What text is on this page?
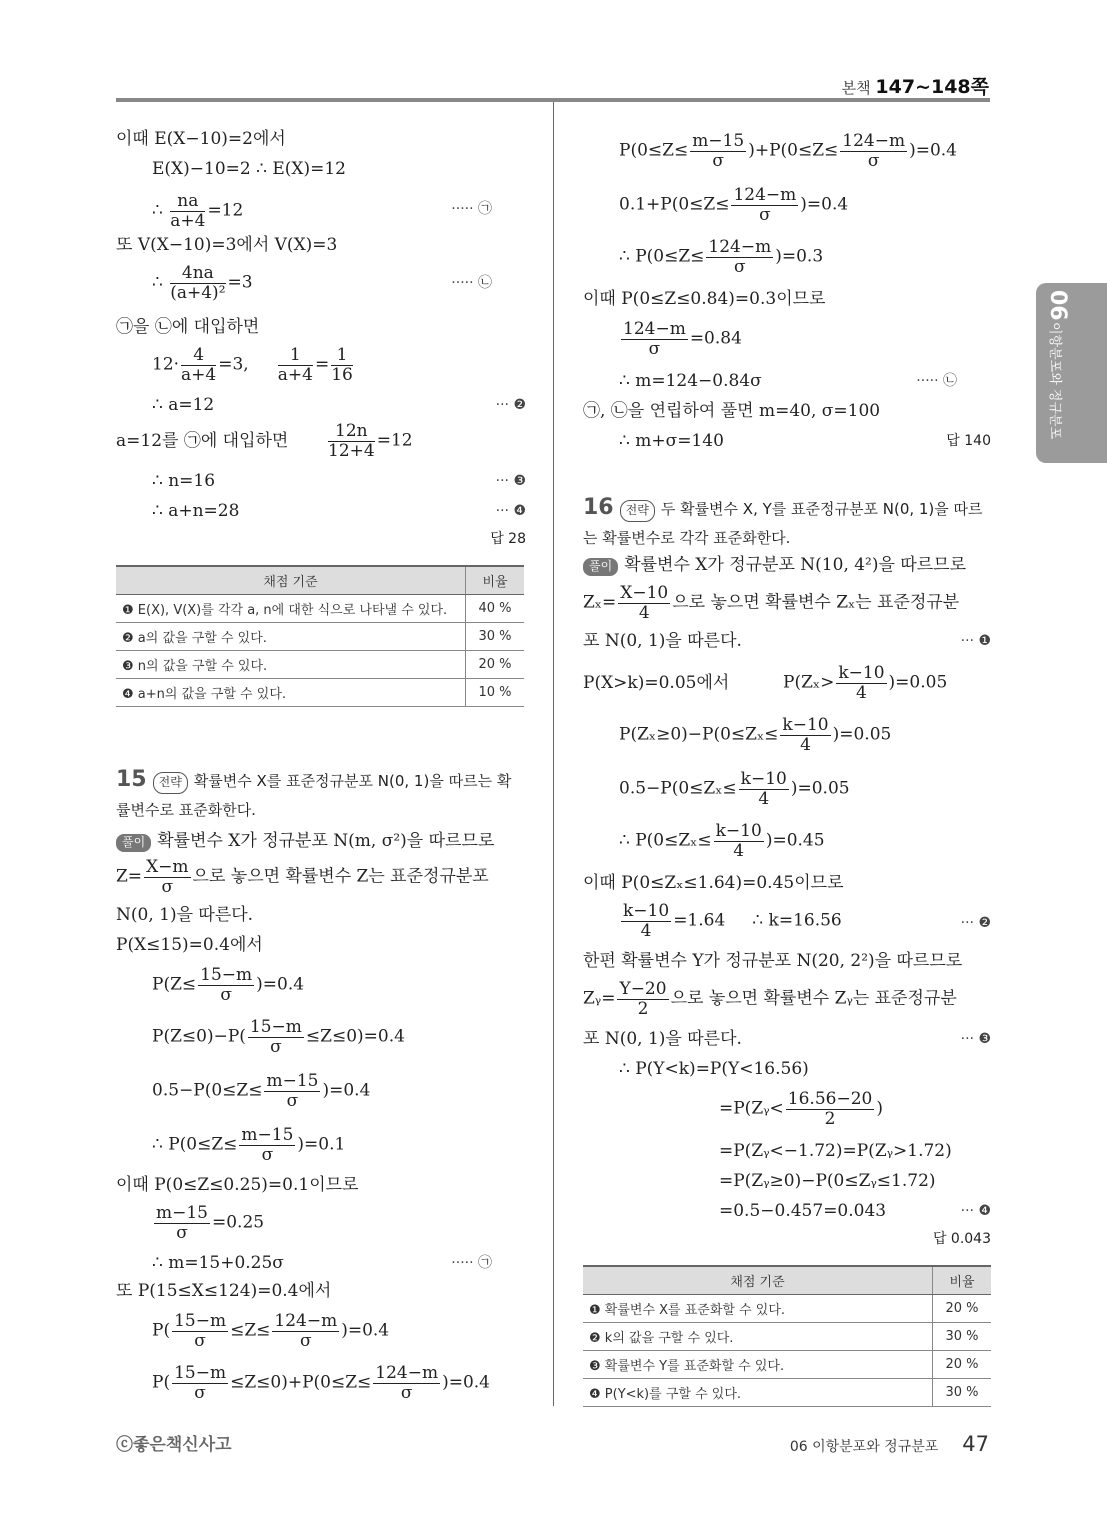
본책 147~148쪽
06
이항분포와 정규분포
이때 E(X−10)=2에서
E(X)−10=2 ∴ E(X)=12
∴ $\frac{na}{a+4} =12$	····· ㉠
또 V(X−10)=3에서 V(X)=3
∴ $\frac{4na}{\text{(a+4)²}} =3$	····· ㉡
㉠을 ㉡에 대입하면
$12\cdot \frac{4}{a+4} =3$, $\frac{1}{a+4} = \frac{1}{16}$
∴ a=12	··· ❷
a=12를 ㉠에 대입하면 $\frac{12n}{12+4} =12$
∴ n=16	··· ❸
∴ a+n=28	··· ❹
답 28
채점 기준	비율
❶ E(X), V(X)를 각각 a, n에 대한 식으로 나타낼 수 있다.	40 %
❷ a의 값을 구할 수 있다.	30 %
❸ n의 값을 구할 수 있다.	20 %
❹ a+n의 값을 구할 수 있다.	10 %
15 전략 확률변수 X를 표준정규분포 N(0, 1)을 따르는 확률변수로 표준화한다.
풀이 확률변수 X가 정규분포 N(m, σ²)을 따르므로
$Z= \frac{X-m}{\sigma}$ 으로 놓으면 확률변수 Z는 표준정규분포
N(0, 1)을 따른다.
P(X≤15)=0.4에서
$P(Z\le \frac{15-m}{\sigma} )=0.4$
$P(Z\le 0)-P( \frac{15-m}{\sigma} \le Z\le 0)=0.4$
$0.5-P(0\le Z\le \frac{m-15}{\sigma} )=0.4$
∴ $P(0\le Z\le \frac{m-15}{\sigma} )=0.1$
이때 P(0≤Z≤0.25)=0.1이므로
$\frac{m-15}{\sigma} =0.25$
∴ m=15+0.25σ	····· ㉠
또 P(15≤X≤124)=0.4에서
$P( \frac{15-m}{\sigma} \le Z\le \frac{124-m}{\sigma} )=0.4$
$P( \frac{15-m}{\sigma} \le Z\le 0)+P(0\le Z\le \frac{124-m}{\sigma} )=0.4$
$P(0\le Z\le \frac{m-15}{\sigma} )+P(0\le Z\le \frac{124-m}{\sigma} )=0.4$
$0.1+P(0\le Z\le \frac{124-m}{\sigma} )=0.4$
∴ $P(0\le Z\le \frac{124-m}{\sigma} )=0.3$
이때 P(0≤Z≤0.84)=0.3이므로
$\frac{124-m}{\sigma} =0.84$
∴ m=124−0.84σ	····· ㉡
㉠, ㉡을 연립하여 풀면 m=40, σ=100
∴ m+σ=140	답 140
16 전략 두 확률변수 X, Y를 표준정규분포 N(0, 1)을 따르는 확률변수로 각각 표준화한다.
풀이 확률변수 X가 정규분포 N(10, 4²)을 따르므로
$Z_x= \frac{X-10}{4}$ 으로 놓으면 확률변수 Zₓ는 표준정규분
포 N(0, 1)을 따른다.	··· ❶
P(X>k)=0.05에서	$P(Z_x> \frac{k-10}{4} )=0.05$
$P(Z_x\ge 0)-P(0\le Z_x\le \frac{k-10}{4} )=0.05$
$0.5-P(0\le Z_x\le \frac{k-10}{4} )=0.05$
∴ $P(0\le Z_x\le \frac{k-10}{4} )=0.45$
이때 P(0≤Zₓ≤1.64)=0.45이므로
$\frac{k-10}{4} =1.64$     ∴ k=16.56	··· ❷
한편 확률변수 Y가 정규분포 N(20, 2²)을 따르므로
Zᵧ= $\frac{Y-20}{2}$ 으로 놓으면 확률변수 Zᵧ는 표준정규분
포 N(0, 1)을 따른다.	··· ❸
∴ P(Y<k)=P(Y<16.56)
=P(Zᵧ< $\frac{16.56-20}{2}$ )
=P(Zᵧ<−1.72)=P(Zᵧ>1.72)
=P(Zᵧ≥0)−P(0≤Zᵧ≤1.72)
=0.5−0.457=0.043	··· ❹
답 0.043
채점 기준	비율
❶ 확률변수 X를 표준화할 수 있다.	20 %
❷ k의 값을 구할 수 있다.	30 %
❸ 확률변수 Y를 표준화할 수 있다.	20 %
❹ P(Y<k)를 구할 수 있다.	30 %
ⓒ좋은책신사고	06 이항분포와 정규분포 47
